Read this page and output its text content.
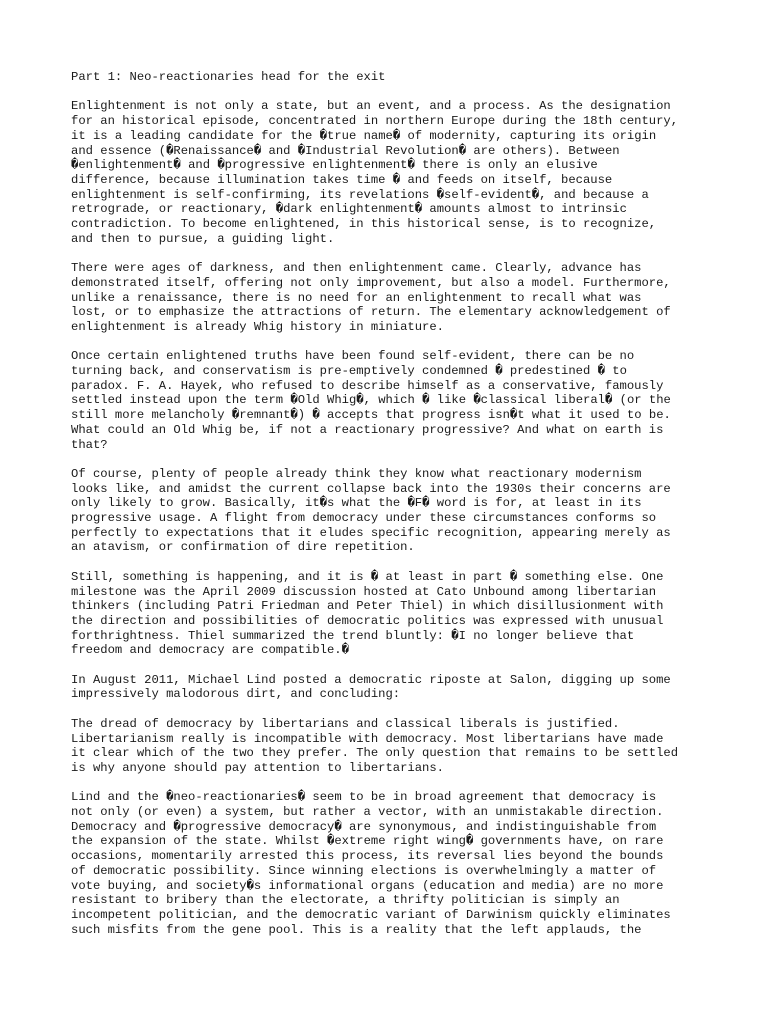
Part 1: Neo-reactionaries head for the exit
Enlightenment is not only a state, but an event, and a process. As the designation
for an historical episode, concentrated in northern Europe during the 18th century,
it is a leading candidate for the �true name� of modernity, capturing its origin
and essence (�Renaissance� and �Industrial Revolution� are others). Between
�enlightenment� and �progressive enlightenment� there is only an elusive
difference, because illumination takes time � and feeds on itself, because
enlightenment is self-confirming, its revelations �self-evident�, and because a
retrograde, or reactionary, �dark enlightenment� amounts almost to intrinsic
contradiction. To become enlightened, in this historical sense, is to recognize,
and then to pursue, a guiding light.
There were ages of darkness, and then enlightenment came. Clearly, advance has
demonstrated itself, offering not only improvement, but also a model. Furthermore,
unlike a renaissance, there is no need for an enlightenment to recall what was
lost, or to emphasize the attractions of return. The elementary acknowledgement of
enlightenment is already Whig history in miniature.
Once certain enlightened truths have been found self-evident, there can be no
turning back, and conservatism is pre-emptively condemned � predestined � to
paradox. F. A. Hayek, who refused to describe himself as a conservative, famously
settled instead upon the term �Old Whig�, which � like �classical liberal� (or the
still more melancholy �remnant�) � accepts that progress isn�t what it used to be.
What could an Old Whig be, if not a reactionary progressive? And what on earth is
that?
Of course, plenty of people already think they know what reactionary modernism
looks like, and amidst the current collapse back into the 1930s their concerns are
only likely to grow. Basically, it�s what the �F� word is for, at least in its
progressive usage. A flight from democracy under these circumstances conforms so
perfectly to expectations that it eludes specific recognition, appearing merely as
an atavism, or confirmation of dire repetition.
Still, something is happening, and it is � at least in part � something else. One
milestone was the April 2009 discussion hosted at Cato Unbound among libertarian
thinkers (including Patri Friedman and Peter Thiel) in which disillusionment with
the direction and possibilities of democratic politics was expressed with unusual
forthrightness. Thiel summarized the trend bluntly: �I no longer believe that
freedom and democracy are compatible.�
In August 2011, Michael Lind posted a democratic riposte at Salon, digging up some
impressively malodorous dirt, and concluding:
The dread of democracy by libertarians and classical liberals is justified.
Libertarianism really is incompatible with democracy. Most libertarians have made
it clear which of the two they prefer. The only question that remains to be settled
is why anyone should pay attention to libertarians.
Lind and the �neo-reactionaries� seem to be in broad agreement that democracy is
not only (or even) a system, but rather a vector, with an unmistakable direction.
Democracy and �progressive democracy� are synonymous, and indistinguishable from
the expansion of the state. Whilst �extreme right wing� governments have, on rare
occasions, momentarily arrested this process, its reversal lies beyond the bounds
of democratic possibility. Since winning elections is overwhelmingly a matter of
vote buying, and society�s informational organs (education and media) are no more
resistant to bribery than the electorate, a thrifty politician is simply an
incompetent politician, and the democratic variant of Darwinism quickly eliminates
such misfits from the gene pool. This is a reality that the left applauds, the
